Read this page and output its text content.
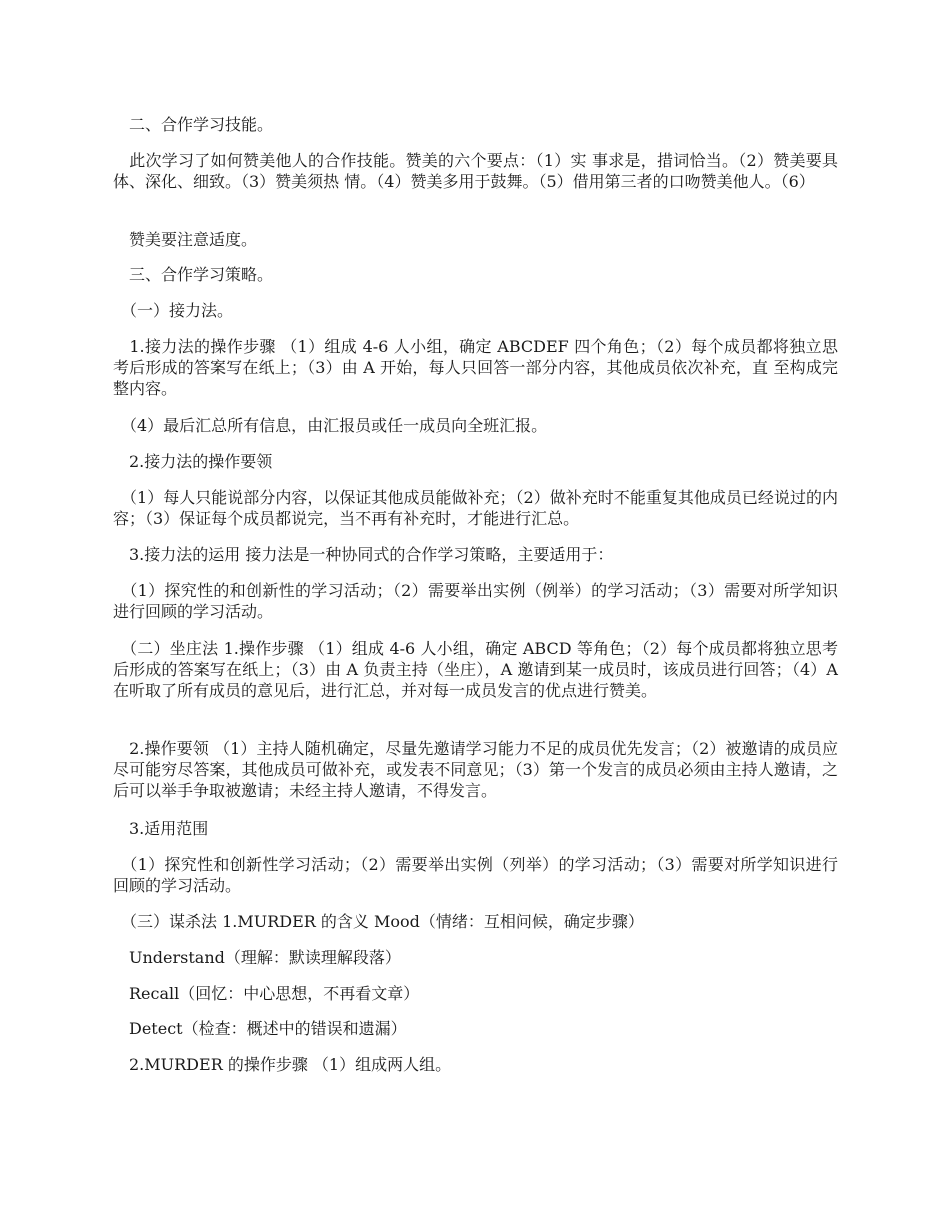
　二、合作学习技能。

　此次学习了如何赞美他人的合作技能。赞美的六个要点：（1）实 事求是，措词恰当。（2）赞美要具体、深化、细致。（3）赞美须热 情。（4）赞美多用于鼓舞。（5）借用第三者的口吻赞美他人。（6）

　赞美要注意适度。

　三、合作学习策略。

　（一）接力法。

　1.接力法的操作步骤 （1）组成 4-6 人小组，确定 ABCDEF 四个角色；（2）每个成员都将独立思考后形成的答案写在纸上；（3）由 A 开始，每人只回答一部分内容，其他成员依次补充，直 至构成完整内容。

　（4）最后汇总所有信息，由汇报员或任一成员向全班汇报。

　2.接力法的操作要领

　（1）每人只能说部分内容，以保证其他成员能做补充；（2）做补充时不能重复其他成员已经说过的内容；（3）保证每个成员都说完，当不再有补充时，才能进行汇总。

　3.接力法的运用 接力法是一种协同式的合作学习策略，主要适用于：

　（1）探究性的和创新性的学习活动；（2）需要举出实例（例举）的学习活动；（3）需要对所学知识进行回顾的学习活动。

　（二）坐庄法 1.操作步骤 （1）组成 4-6 人小组，确定 ABCD 等角色；（2）每个成员都将独立思考后形成的答案写在纸上；（3）由 A 负责主持（坐庄），A 邀请到某一成员时，该成员进行回答；（4）A 在听取了所有成员的意见后，进行汇总，并对每一成员发言的优点进行赞美。

　2.操作要领 （1）主持人随机确定，尽量先邀请学习能力不足的成员优先发言；（2）被邀请的成员应尽可能穷尽答案，其他成员可做补充，或发表不同意见；（3）第一个发言的成员必须由主持人邀请，之后可以举手争取被邀请；未经主持人邀请，不得发言。

　3.适用范围

　（1）探究性和创新性学习活动；（2）需要举出实例（列举）的学习活动；（3）需要对所学知识进行回顾的学习活动。

　（三）谋杀法 1.MURDER 的含义 Mood（情绪：互相问候，确定步骤）

　Understand（理解：默读理解段落）

　Recall（回忆：中心思想，不再看文章）

　Detect（检查：概述中的错误和遗漏）

　2.MURDER 的操作步骤 （1）组成两人组。
